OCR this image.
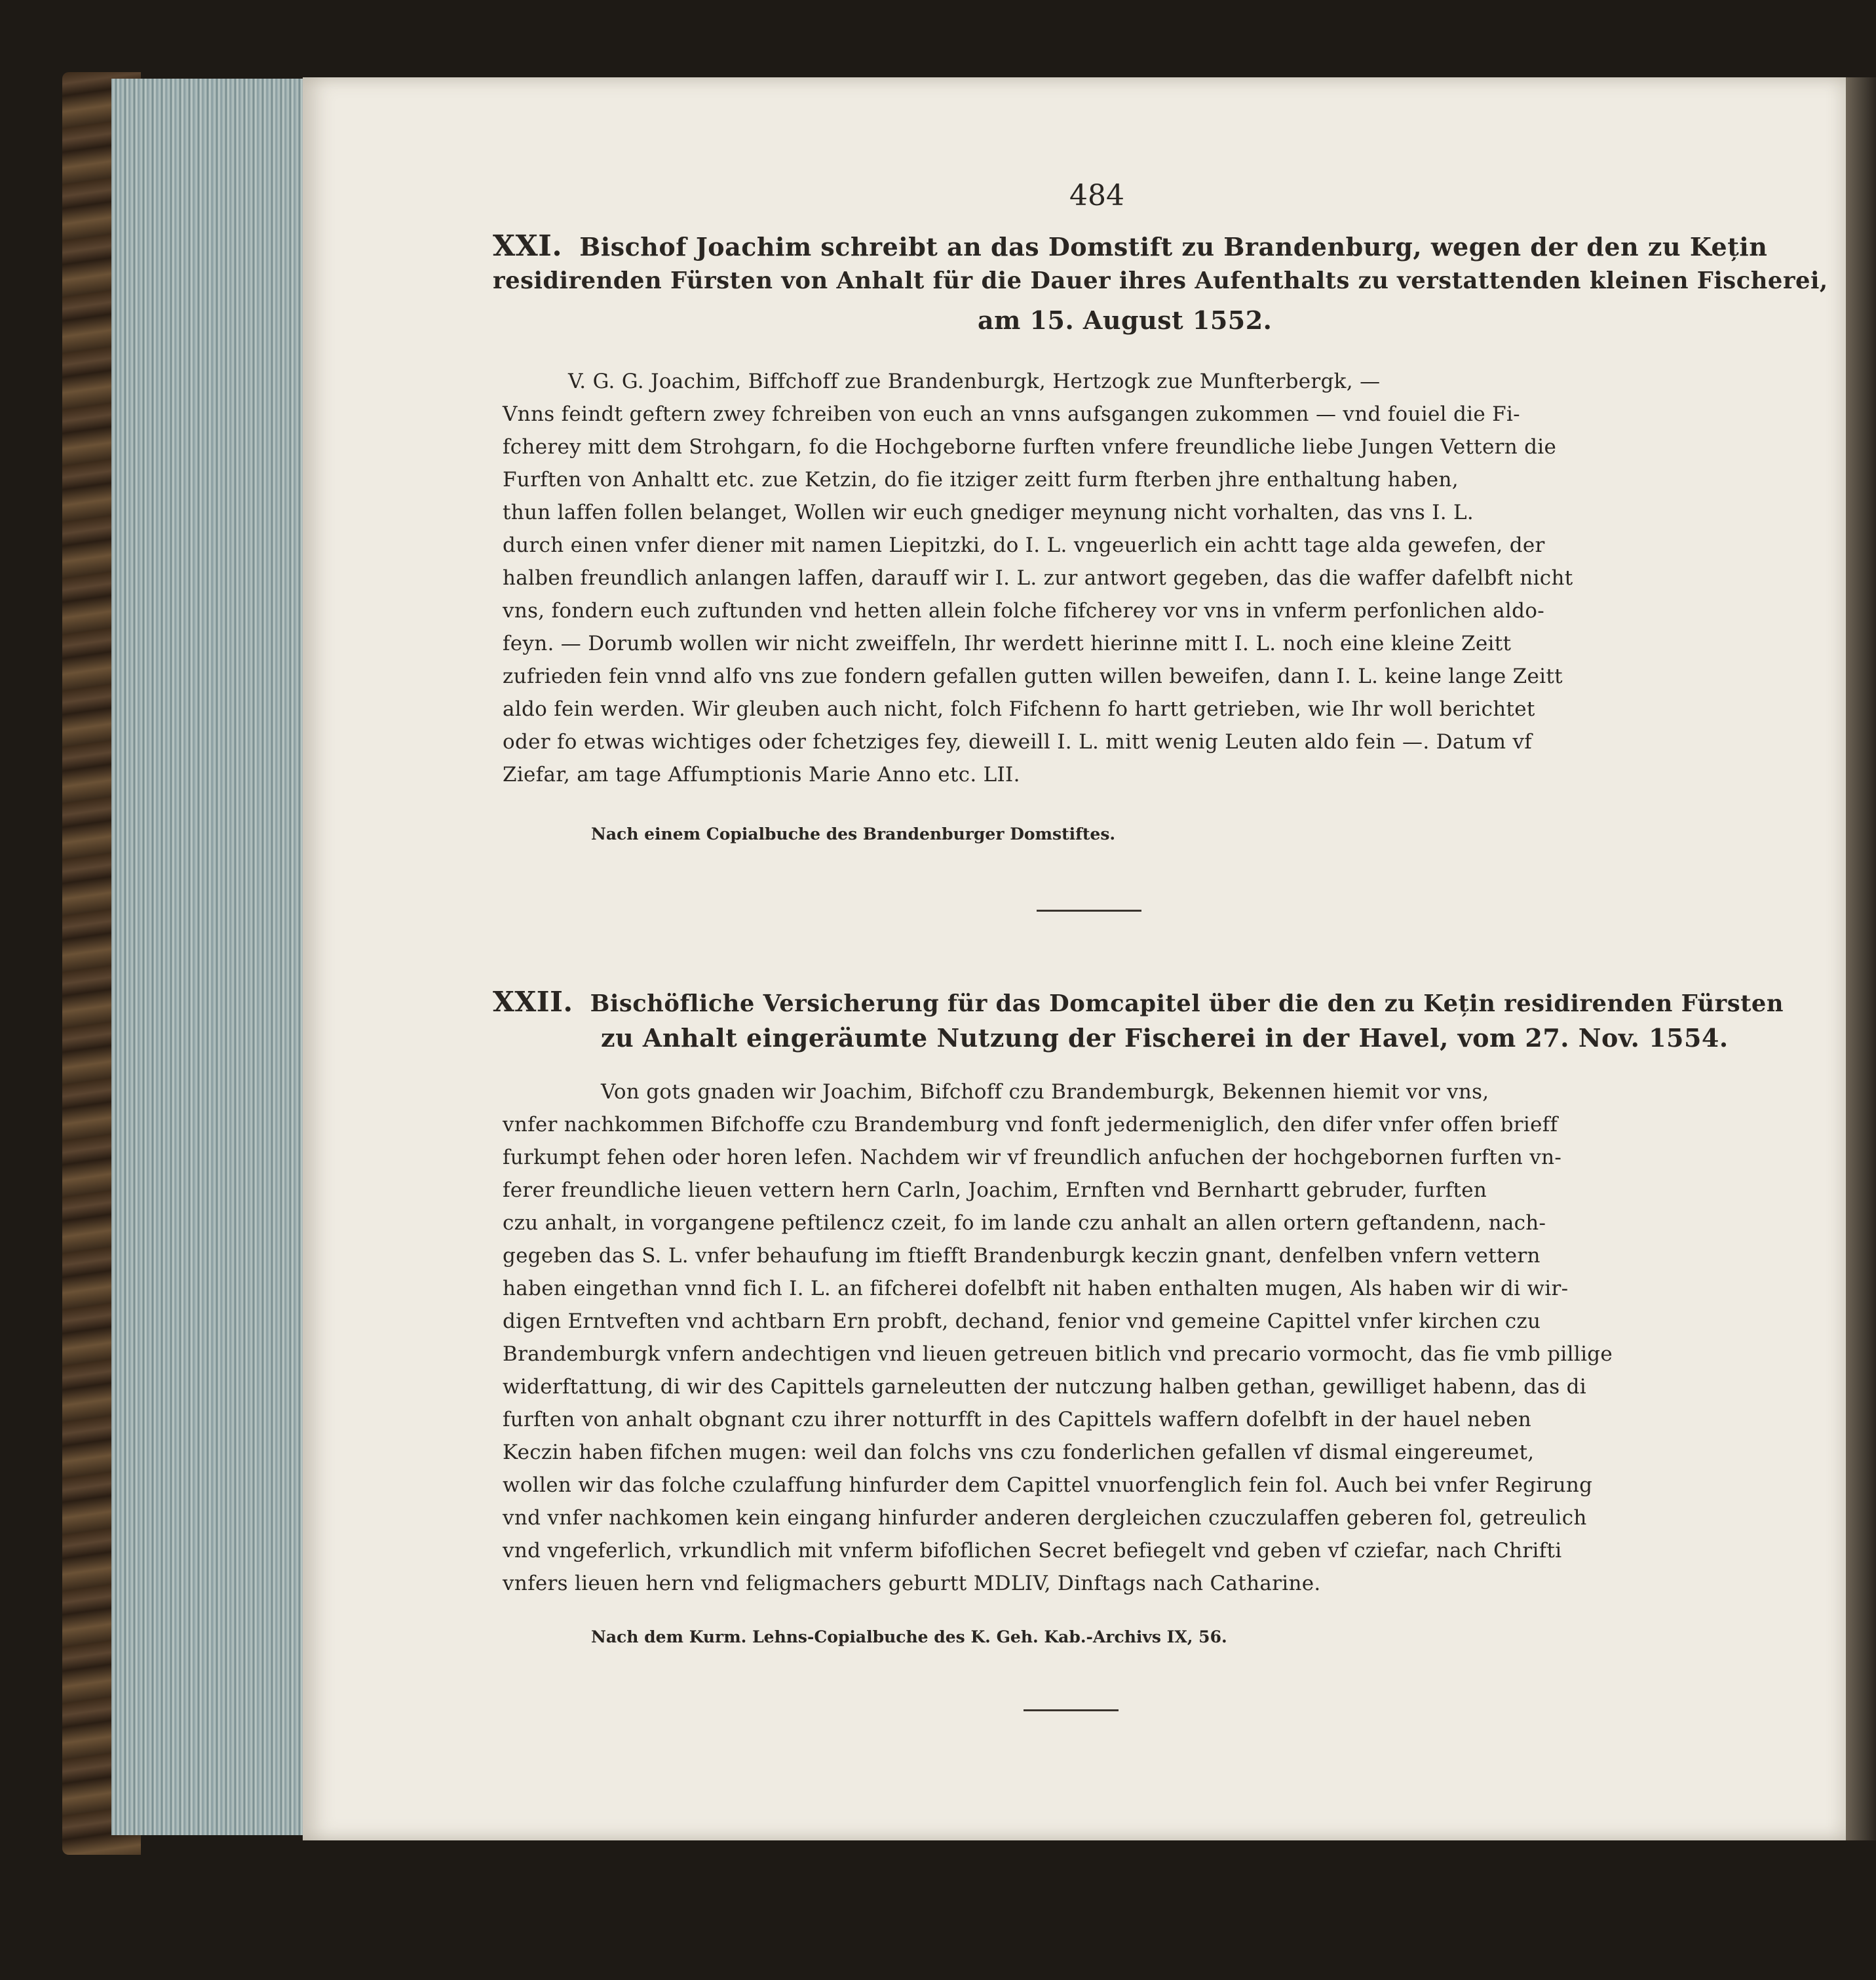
484
XXI. Bischof Joachim schreibt an das Domstift zu Brandenburg, wegen der den zu Kețin
residirenden Fürsten von Anhalt für die Dauer ihres Aufenthalts zu verstattenden kleinen Fischerei,
am 15. August 1552.
V. G. G. Joachim, Biffchoff zue Brandenburgk, Hertzogk zue Munfterbergk, —
Vnns feindt geftern zwey fchreiben von euch an vnns aufsgangen zukommen — vnd fouiel die Fi-
fcherey mitt dem Strohgarn, fo die Hochgeborne furften vnfere freundliche liebe Jungen Vettern die
Furften von Anhaltt etc. zue Ketzin, do fie itziger zeitt furm fterben jhre enthaltung haben,
thun laffen follen belanget, Wollen wir euch gnediger meynung nicht vorhalten, das vns I. L.
durch einen vnfer diener mit namen Liepitzki, do I. L. vngeuerlich ein achtt tage alda gewefen, der
halben freundlich anlangen laffen, darauff wir I. L. zur antwort gegeben, das die waffer dafelbft nicht
vns, fondern euch zuftunden vnd hetten allein folche fifcherey vor vns in vnferm perfonlichen aldo-
feyn. — Dorumb wollen wir nicht zweiffeln, Ihr werdett hierinne mitt I. L. noch eine kleine Zeitt
zufrieden fein vnnd alfo vns zue fondern gefallen gutten willen beweifen, dann I. L. keine lange Zeitt
aldo fein werden. Wir gleuben auch nicht, folch Fifchenn fo hartt getrieben, wie Ihr woll berichtet
oder fo etwas wichtiges oder fchetziges fey, dieweill I. L. mitt wenig Leuten aldo fein —. Datum vf
Ziefar, am tage Affumptionis Marie Anno etc. LII.
Nach einem Copialbuche des Brandenburger Domstiftes.
XXII. Bischöfliche Versicherung für das Domcapitel über die den zu Kețin residirenden Fürsten
zu Anhalt eingeräumte Nutzung der Fischerei in der Havel, vom 27. Nov. 1554.
Von gots gnaden wir Joachim, Bifchoff czu Brandemburgk, Bekennen hiemit vor vns,
vnfer nachkommen Bifchoffe czu Brandemburg vnd fonft jedermeniglich, den difer vnfer offen brieff
furkumpt fehen oder horen lefen. Nachdem wir vf freundlich anfuchen der hochgebornen furften vn-
ferer freundliche lieuen vettern hern Carln, Joachim, Ernften vnd Bernhartt gebruder, furften
czu anhalt, in vorgangene peftilencz czeit, fo im lande czu anhalt an allen ortern geftandenn, nach-
gegeben das S. L. vnfer behaufung im ftiefft Brandenburgk keczin gnant, denfelben vnfern vettern
haben eingethan vnnd fich I. L. an fifcherei dofelbft nit haben enthalten mugen, Als haben wir di wir-
digen Erntveften vnd achtbarn Ern probft, dechand, fenior vnd gemeine Capittel vnfer kirchen czu
Brandemburgk vnfern andechtigen vnd lieuen getreuen bitlich vnd precario vormocht, das fie vmb pillige
widerftattung, di wir des Capittels garneleutten der nutczung halben gethan, gewilliget habenn, das di
furften von anhalt obgnant czu ihrer notturfft in des Capittels waffern dofelbft in der hauel neben
Keczin haben fifchen mugen: weil dan folchs vns czu fonderlichen gefallen vf dismal eingereumet,
wollen wir das folche czulaffung hinfurder dem Capittel vnuorfenglich fein fol. Auch bei vnfer Regirung
vnd vnfer nachkomen kein eingang hinfurder anderen dergleichen czuczulaffen geberen fol, getreulich
vnd vngeferlich, vrkundlich mit vnferm bifoflichen Secret befiegelt vnd geben vf cziefar, nach Chrifti
vnfers lieuen hern vnd feligmachers geburtt MDLIV, Dinftags nach Catharine.
Nach dem Kurm. Lehns-Copialbuche des K. Geh. Kab.-Archivs IX, 56.
